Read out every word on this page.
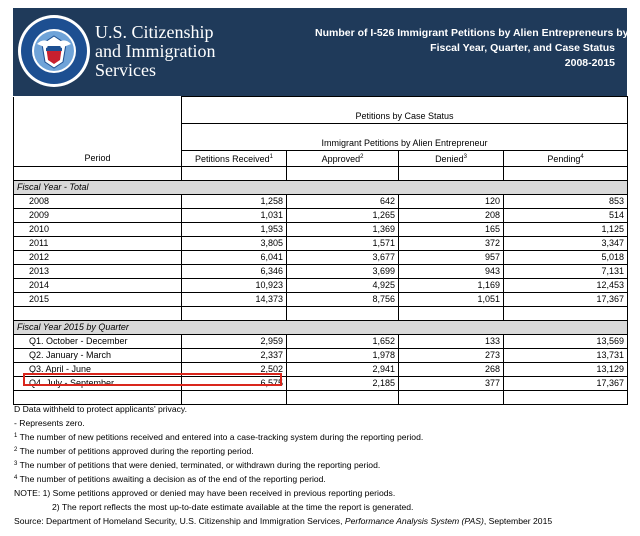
U.S. Citizenship
and Immigration
Services
Number of I-526 Immigrant Petitions by Alien Entrepreneurs by
Fiscal Year, Quarter, and Case Status
2008-2015

	Petitions by Case Status			

	Immigrant Petitions by Alien Entrepreneur			
Period	Petitions Received$^1$	Approved$^2$	Denied$^3$	Pending$^4$

Fiscal Year - Total				
2008	1,258	642	120	853
2009	1,031	1,265	208	514
2010	1,953	1,369	165	1,125
2011	3,805	1,571	372	3,347
2012	6,041	3,677	957	5,018
2013	6,346	3,699	943	7,131
2014	10,923	4,925	1,169	12,453
2015	14,373	8,756	1,051	17,367

Fiscal Year 2015 by Quarter				
Q1. October - December	2,959	1,652	133	13,569
Q2. January - March	2,337	1,978	273	13,731
Q3. April - June	2,502	2,941	268	13,129
Q4. July - September	6,575	2,185	377	17,367

D Data withheld to protect applicants' privacy.
- Represents zero.
$^1$ The number of new petitions received and entered into a case-tracking system during the reporting period.
$^2$ The number of petitions approved during the reporting period.
$^3$ The number of petitions that were denied, terminated, or withdrawn during the reporting period.
$^4$ The number of petitions awaiting a decision as of the end of the reporting period.
NOTE: 1) Some petitions approved or denied may have been received in previous reporting periods.
2) The report reflects the most up-to-date estimate available at the time the report is generated.
Source: Department of Homeland Security, U.S. Citizenship and Immigration Services, Performance Analysis System (PAS), September 2015
